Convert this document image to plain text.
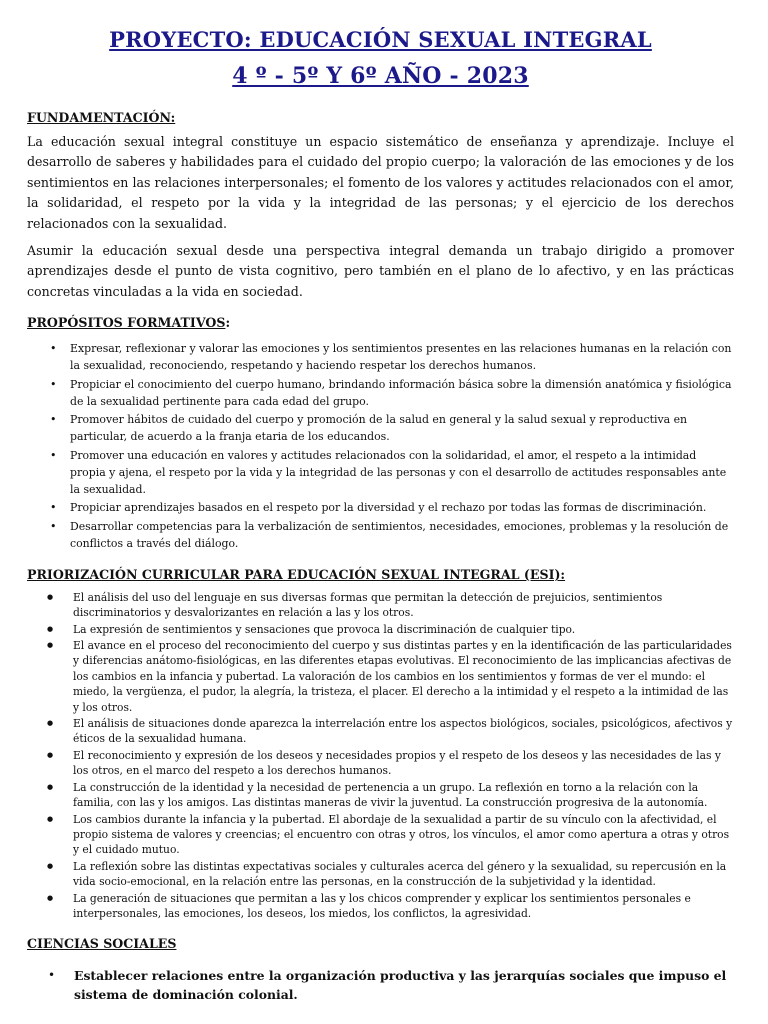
PROYECTO: EDUCACIÓN SEXUAL INTEGRAL
4 º - 5º Y 6º AÑO - 2023
FUNDAMENTACIÓN:

La educación sexual integral constituye un espacio sistemático de enseñanza y aprendizaje. Incluye el desarrollo de saberes y habilidades para el cuidado del propio cuerpo; la valoración de las emociones y de los sentimientos en las relaciones interpersonales; el fomento de los valores y actitudes relacionados con el amor, la solidaridad, el respeto por la vida y la integridad de las personas; y el ejercicio de los derechos relacionados con la sexualidad.

Asumir la educación sexual desde una perspectiva integral demanda un trabajo dirigido a promover aprendizajes desde el punto de vista cognitivo, pero también en el plano de lo afectivo, y en las prácticas concretas vinculadas a la vida en sociedad.

PROPÓSITOS FORMATIVOS:
• Expresar, reflexionar y valorar las emociones y los sentimientos presentes en las relaciones humanas en la relación con la sexualidad, reconociendo, respetando y haciendo respetar los derechos humanos.
• Propiciar el conocimiento del cuerpo humano, brindando información básica sobre la dimensión anatómica y fisiológica de la sexualidad pertinente para cada edad del grupo.
• Promover hábitos de cuidado del cuerpo y promoción de la salud en general y la salud sexual y reproductiva en particular, de acuerdo a la franja etaria de los educandos.
• Promover una educación en valores y actitudes relacionados con la solidaridad, el amor, el respeto a la intimidad propia y ajena, el respeto por la vida y la integridad de las personas y con el desarrollo de actitudes responsables ante la sexualidad.
• Propiciar aprendizajes basados en el respeto por la diversidad y el rechazo por todas las formas de discriminación.
• Desarrollar competencias para la verbalización de sentimientos, necesidades, emociones, problemas y la resolución de conflictos a través del diálogo.
PRIORIZACIÓN CURRICULAR PARA EDUCACIÓN SEXUAL INTEGRAL (ESI):
● El análisis del uso del lenguaje en sus diversas formas que permitan la detección de prejuicios, sentimientos discriminatorios y desvalorizantes en relación a las y los otros.
● La expresión de sentimientos y sensaciones que provoca la discriminación de cualquier tipo.
● El avance en el proceso del reconocimiento del cuerpo y sus distintas partes y en la identificación de las particularidades y diferencias anátomo-fisiológicas, en las diferentes etapas evolutivas. El reconocimiento de las implicancias afectivas de los cambios en la infancia y pubertad. La valoración de los cambios en los sentimientos y formas de ver el mundo: el miedo, la vergüenza, el pudor, la alegría, la tristeza, el placer. El derecho a la intimidad y el respeto a la intimidad de las y los otros.
● El análisis de situaciones donde aparezca la interrelación entre los aspectos biológicos, sociales, psicológicos, afectivos y éticos de la sexualidad humana.
● El reconocimiento y expresión de los deseos y necesidades propios y el respeto de los deseos y las necesidades de las y los otros, en el marco del respeto a los derechos humanos.
● La construcción de la identidad y la necesidad de pertenencia a un grupo. La reflexión en torno a la relación con la familia, con las y los amigos. Las distintas maneras de vivir la juventud. La construcción progresiva de la autonomía.
● Los cambios durante la infancia y la pubertad. El abordaje de la sexualidad a partir de su vínculo con la afectividad, el propio sistema de valores y creencias; el encuentro con otras y otros, los vínculos, el amor como apertura a otras y otros y el cuidado mutuo.
● La reflexión sobre las distintas expectativas sociales y culturales acerca del género y la sexualidad, su repercusión en la vida socio-emocional, en la relación entre las personas, en la construcción de la subjetividad y la identidad.
● La generación de situaciones que permitan a las y los chicos comprender y explicar los sentimientos personales e interpersonales, las emociones, los deseos, los miedos, los conflictos, la agresividad.
CIENCIAS SOCIALES
• Establecer relaciones entre la organización productiva y las jerarquías sociales que impuso el sistema de dominación colonial.
